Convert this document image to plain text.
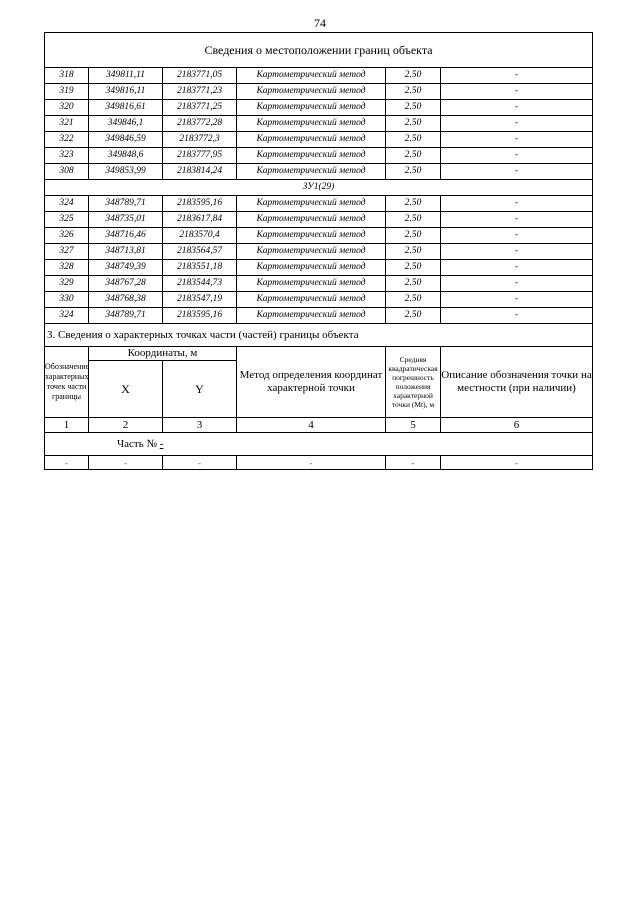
74
Сведения о местоположении границ объекта					
318	349811,11	2183771,05	Картометрический метод	2.50	-
319	349816,11	2183771,23	Картометрический метод	2.50	-
320	349816,61	2183771,25	Картометрический метод	2.50	-
321	349846,1	2183772,28	Картометрический метод	2.50	-
322	349846,59	2183772,3	Картометрический метод	2.50	-
323	349848,6	2183777,95	Картометрический метод	2.50	-
308	349853,99	2183814,24	Картометрический метод	2.50	-
ЗУ1(29)					
324	348789,71	2183595,16	Картометрический метод	2.50	-
325	348735,01	2183617,84	Картометрический метод	2.50	-
326	348716,46	2183570,4	Картометрический метод	2.50	-
327	348713,81	2183564,57	Картометрический метод	2.50	-
328	348749,39	2183551,18	Картометрический метод	2.50	-
329	348767,28	2183544,73	Картометрический метод	2.50	-
330	348768,38	2183547,19	Картометрический метод	2.50	-
324	348789,71	2183595,16	Картометрический метод	2.50	-
3. Сведения о характерных точках части (частей) границы объекта					
Обозначение характерных точек части границы	Координаты, м		Метод определения координат характерной точки	Средняя квадратическая погрешность положения характерной точки (Mt), м	Описание обозначения точки на местности (при наличии)
	X	Y			
1	2	3	4	5	6
Часть № -					
-	-	-	-	-	-
